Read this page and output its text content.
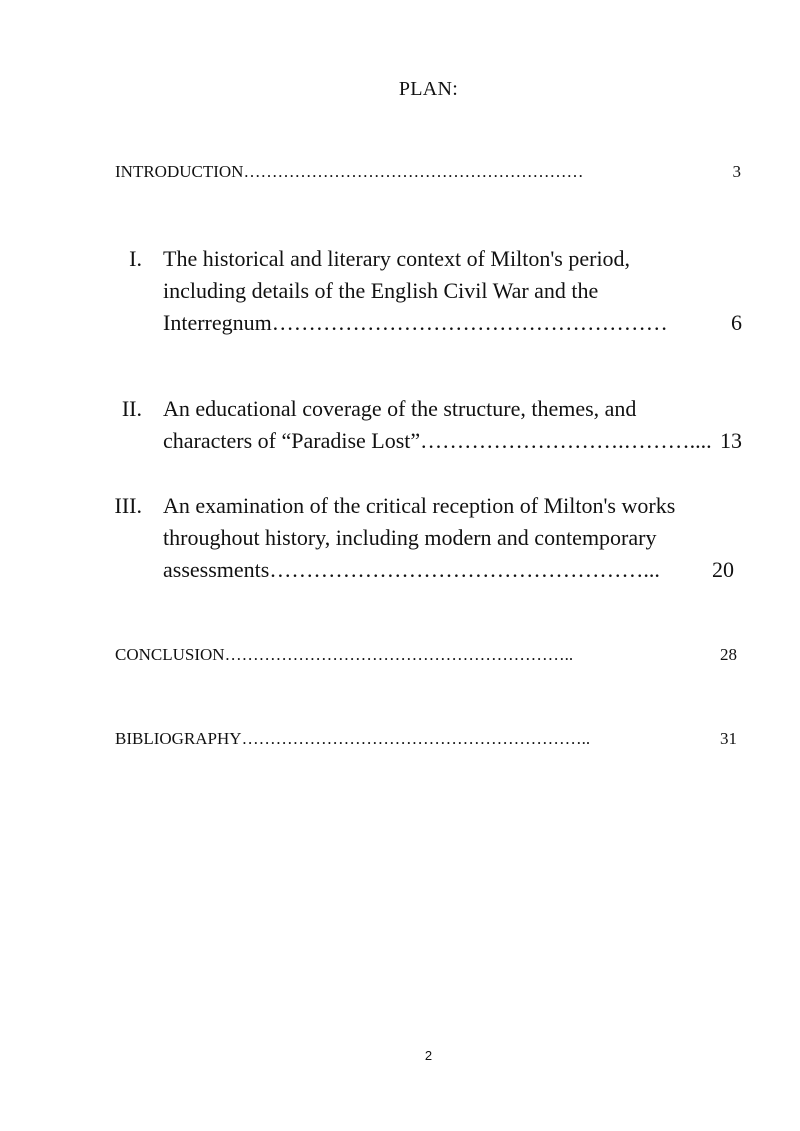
PLAN:
INTRODUCTION……………………………………………………	3
I. The historical and literary context of Milton's period,
including details of the English Civil War and the
Interregnum ………………………………………………	6
II. An educational coverage of the structure, themes, and
characters of “Paradise Lost” ……………………….……….... 13
III. An examination of the critical reception of Milton's works
throughout history, including modern and contemporary
assessments ……………………………………………...	20
CONCLUSION……………………………………………………..	28
BIBLIOGRAPHY……………………………………………………..	31
2
